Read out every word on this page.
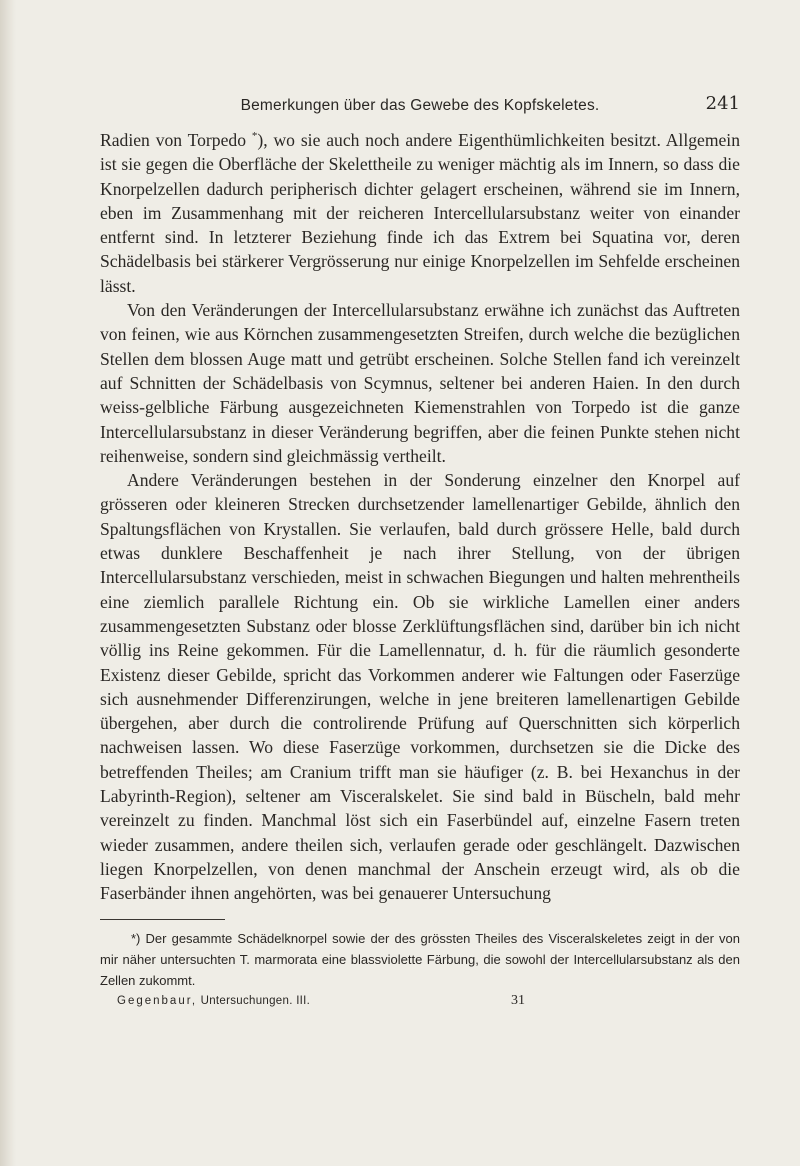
Bemerkungen über das Gewebe des Kopfskeletes.	241

Radien von Torpedo *), wo sie auch noch andere Eigenthümlichkeiten besitzt. Allgemein ist sie gegen die Oberfläche der Skelettheile zu weniger mächtig als im Innern, so dass die Knorpelzellen dadurch peripherisch dichter gelagert erscheinen, während sie im Innern, eben im Zusammenhang mit der reicheren Intercellularsubstanz weiter von einander entfernt sind. In letzterer Beziehung finde ich das Extrem bei Squatina vor, deren Schädelbasis bei stärkerer Vergrösserung nur einige Knorpelzellen im Sehfelde erscheinen lässt.

Von den Veränderungen der Intercellularsubstanz erwähne ich zunächst das Auftreten von feinen, wie aus Körnchen zusammengesetzten Streifen, durch welche die bezüglichen Stellen dem blossen Auge matt und getrübt erscheinen. Solche Stellen fand ich vereinzelt auf Schnitten der Schädelbasis von Scymnus, seltener bei anderen Haien. In den durch weiss-gelbliche Färbung ausgezeichneten Kiemenstrahlen von Torpedo ist die ganze Intercellularsubstanz in dieser Veränderung begriffen, aber die feinen Punkte stehen nicht reihenweise, sondern sind gleichmässig vertheilt.

Andere Veränderungen bestehen in der Sonderung einzelner den Knorpel auf grösseren oder kleineren Strecken durchsetzender lamellenartiger Gebilde, ähnlich den Spaltungsflächen von Krystallen. Sie verlaufen, bald durch grössere Helle, bald durch etwas dunklere Beschaffenheit je nach ihrer Stellung, von der übrigen Intercellularsubstanz verschieden, meist in schwachen Biegungen und halten mehrentheils eine ziemlich parallele Richtung ein. Ob sie wirkliche Lamellen einer anders zusammengesetzten Substanz oder blosse Zerklüftungsflächen sind, darüber bin ich nicht völlig ins Reine gekommen. Für die Lamellennatur, d. h. für die räumlich gesonderte Existenz dieser Gebilde, spricht das Vorkommen anderer wie Faltungen oder Faserzüge sich ausnehmender Differenzirungen, welche in jene breiteren lamellenartigen Gebilde übergehen, aber durch die controlirende Prüfung auf Querschnitten sich körperlich nachweisen lassen. Wo diese Faserzüge vorkommen, durchsetzen sie die Dicke des betreffenden Theiles; am Cranium trifft man sie häufiger (z. B. bei Hexanchus in der Labyrinth-Region), seltener am Visceralskelet. Sie sind bald in Büscheln, bald mehr vereinzelt zu finden. Manchmal löst sich ein Faserbündel auf, einzelne Fasern treten wieder zusammen, andere theilen sich, verlaufen gerade oder geschlängelt. Dazwischen liegen Knorpelzellen, von denen manchmal der Anschein erzeugt wird, als ob die Faserbänder ihnen angehörten, was bei genauerer Untersuchung

*) Der gesammte Schädelknorpel sowie der des grössten Theiles des Visceralskeletes zeigt in der von mir näher untersuchten T. marmorata eine blassviolette Färbung, die sowohl der Intercellularsubstanz als den Zellen zukommt.
Gegenbaur, Untersuchungen. III.	31
